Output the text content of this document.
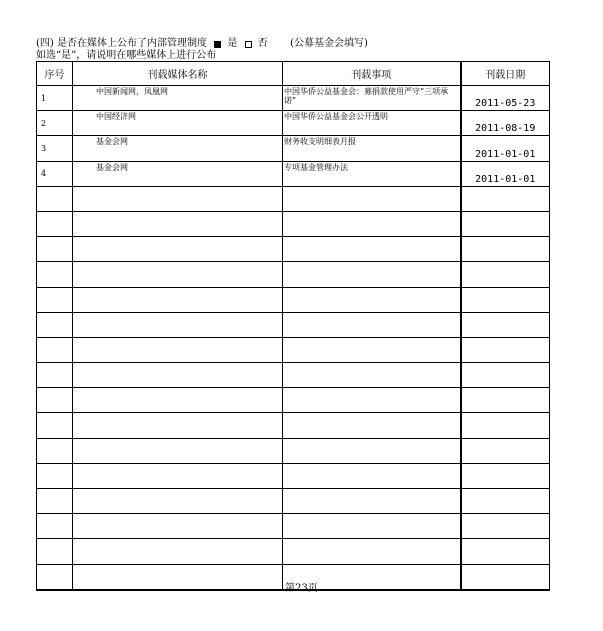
(四) 是否在媒体上公布了内部管理制度 是 否 (公募基金会填写)
如选“是”，请说明在哪些媒体上进行公布
序号	刊载媒体名称	刊载事项	刊载日期
1	中国新闻网，凤凰网	中国华侨公益基金会：募捐款使用严守“三项承诺”	2011-05-23
2	中国经济网	中国华侨公益基金会公开透明	2011-08-19
3	基金会网	财务收支明细表月报	2011-01-01
4	基金会网	专项基金管理办法	2011-01-01

第23页
